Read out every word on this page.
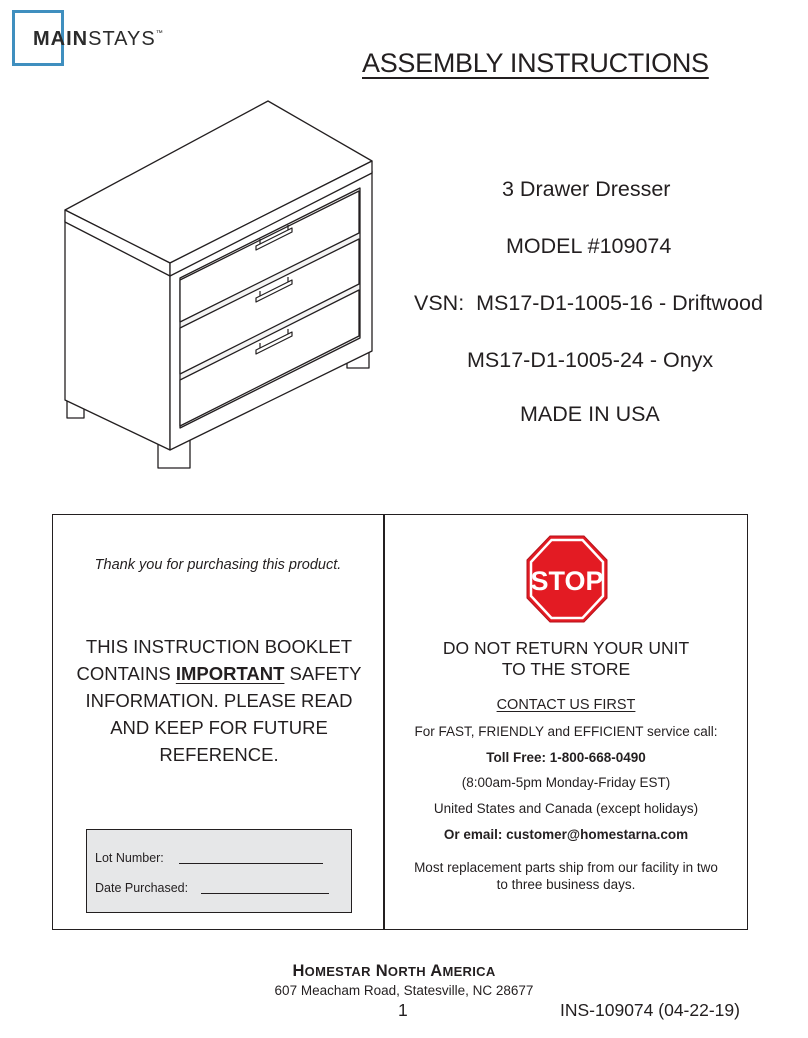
MAINSTAYS™
ASSEMBLY INSTRUCTIONS
3 Drawer Dresser
MODEL #109074
VSN:  MS17-D1-1005-16 - Driftwood
MS17-D1-1005-24 - Onyx
MADE IN USA
Thank you for purchasing this product.
THIS INSTRUCTION BOOKLET CONTAINS IMPORTANT SAFETY INFORMATION. PLEASE READ AND KEEP FOR FUTURE REFERENCE.
Lot Number:
Date Purchased:
STOP
DO NOT RETURN YOUR UNIT
TO THE STORE
CONTACT US FIRST
For FAST, FRIENDLY and EFFICIENT service call:
Toll Free: 1-800-668-0490
(8:00am-5pm Monday-Friday EST)
United States and Canada (except holidays)
Or email: customer@homestarna.com
Most replacement parts ship from our facility in two
to three business days.
HOMESTAR NORTH AMERICA
607 Meacham Road, Statesville, NC 28677
1	INS-109074 (04-22-19)
